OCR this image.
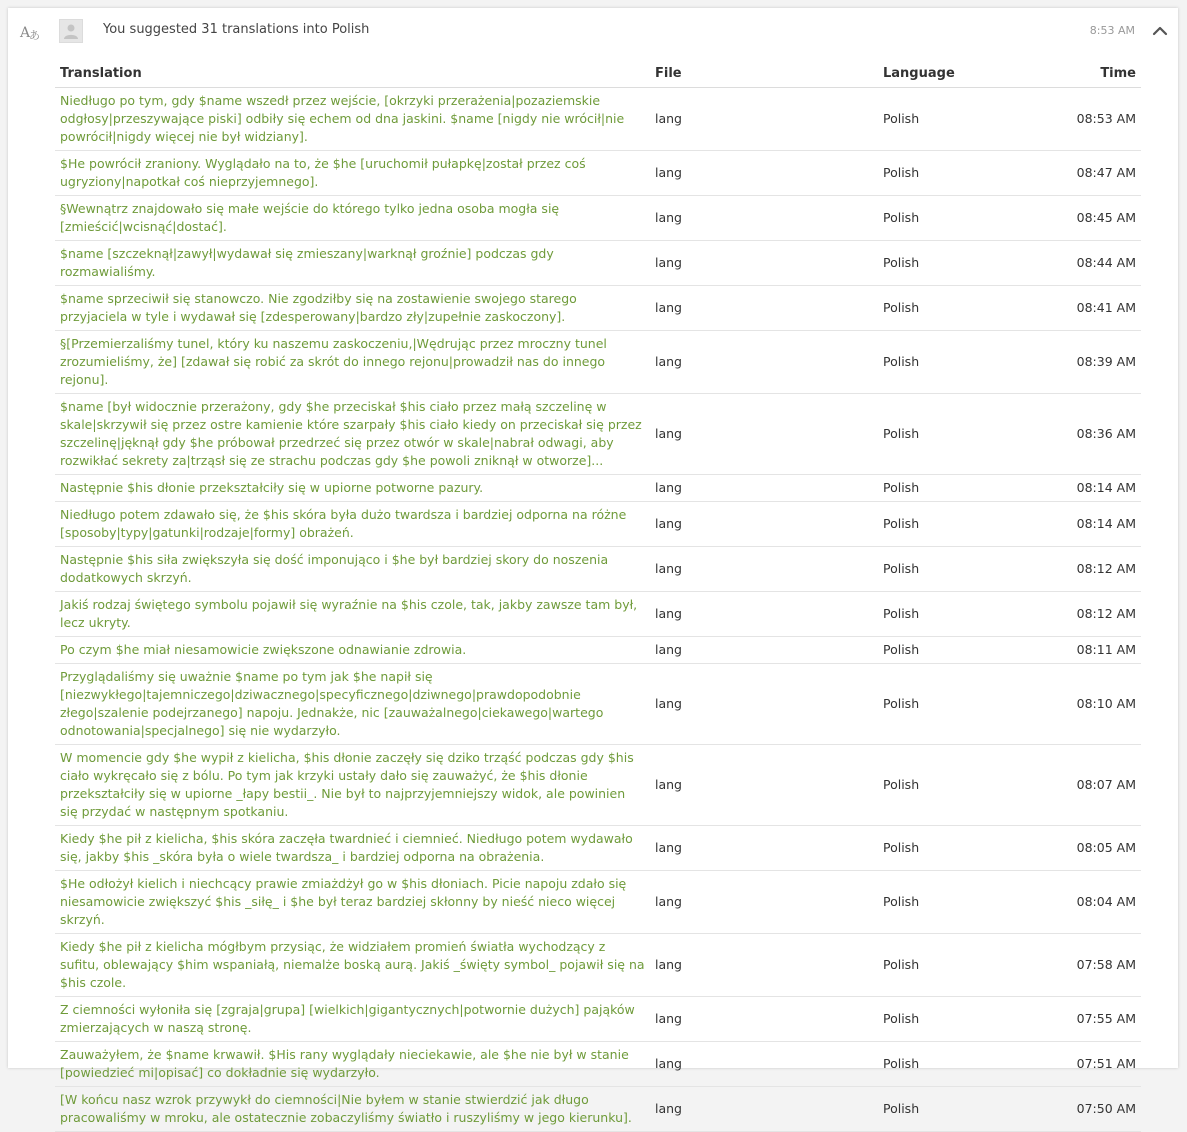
A
あ	You suggested 31 translations into Polish	8:53 AM
Translation	File	Language	Time
Niedługo po tym, gdy $name wszedł przez wejście, [okrzyki przerażenia|pozaziemskie odgłosy|przeszywające piski] odbiły się echem od dna jaskini. $name [nigdy nie wrócił|nie powrócił|nigdy więcej nie był widziany].	lang	Polish	08:53 AM
$He powrócił zraniony. Wyglądało na to, że $he [uruchomił pułapkę|został przez coś ugryziony|napotkał coś nieprzyjemnego].	lang	Polish	08:47 AM
§Wewnątrz znajdowało się małe wejście do którego tylko jedna osoba mogła się [zmieścić|wcisnąć|dostać].	lang	Polish	08:45 AM
$name [szczeknął|zawył|wydawał się zmieszany|warknął groźnie] podczas gdy rozmawialiśmy.	lang	Polish	08:44 AM
$name sprzeciwił się stanowczo. Nie zgodziłby się na zostawienie swojego starego przyjaciela w tyle i wydawał się [zdesperowany|bardzo zły|zupełnie zaskoczony].	lang	Polish	08:41 AM
§[Przemierzaliśmy tunel, który ku naszemu zaskoczeniu,|Wędrując przez mroczny tunel zrozumieliśmy, że] [zdawał się robić za skrót do innego rejonu|prowadził nas do innego rejonu].	lang	Polish	08:39 AM
$name [był widocznie przerażony, gdy $he przeciskał $his ciało przez małą szczelinę w skale|skrzywił się przez ostre kamienie które szarpały $his ciało kiedy on przeciskał się przez szczelinę|jęknął gdy $he próbował przedrzeć się przez otwór w skale|nabrał odwagi, aby rozwikłać sekrety za|trząsł się ze strachu podczas gdy $he powoli zniknął w otworze]...	lang	Polish	08:36 AM
Następnie $his dłonie przekształciły się w upiorne potworne pazury.	lang	Polish	08:14 AM
Niedługo potem zdawało się, że $his skóra była dużo twardsza i bardziej odporna na różne [sposoby|typy|gatunki|rodzaje|formy] obrażeń.	lang	Polish	08:14 AM
Następnie $his siła zwiększyła się dość imponująco i $he był bardziej skory do noszenia dodatkowych skrzyń.	lang	Polish	08:12 AM
Jakiś rodzaj świętego symbolu pojawił się wyraźnie na $his czole, tak, jakby zawsze tam był, lecz ukryty.	lang	Polish	08:12 AM
Po czym $he miał niesamowicie zwiększone odnawianie zdrowia.	lang	Polish	08:11 AM
Przyglądaliśmy się uważnie $name po tym jak $he napił się [niezwykłego|tajemniczego|dziwacznego|specyficznego|dziwnego|prawdopodobnie złego|szalenie podejrzanego] napoju. Jednakże, nic [zauważalnego|ciekawego|wartego odnotowania|specjalnego] się nie wydarzyło.	lang	Polish	08:10 AM
W momencie gdy $he wypił z kielicha, $his dłonie zaczęły się dziko trząść podczas gdy $his ciało wykręcało się z bólu. Po tym jak krzyki ustały dało się zauważyć, że $his dłonie przekształciły się w upiorne _łapy bestii_. Nie był to najprzyjemniejszy widok, ale powinien się przydać w następnym spotkaniu.	lang	Polish	08:07 AM
Kiedy $he pił z kielicha, $his skóra zaczęła twardnieć i ciemnieć. Niedługo potem wydawało się, jakby $his _skóra była o wiele twardsza_ i bardziej odporna na obrażenia.	lang	Polish	08:05 AM
$He odłożył kielich i niechcący prawie zmiażdżył go w $his dłoniach. Picie napoju zdało się niesamowicie zwiększyć $his _siłę_ i $he był teraz bardziej skłonny by nieść nieco więcej skrzyń.	lang	Polish	08:04 AM
Kiedy $he pił z kielicha mógłbym przysiąc, że widziałem promień światła wychodzący z sufitu, oblewający $him wspaniałą, niemalże boską aurą. Jakiś _święty symbol_ pojawił się na $his czole.	lang	Polish	07:58 AM
Z ciemności wyłoniła się [zgraja|grupa] [wielkich|gigantycznych|potwornie dużych] pająków zmierzających w naszą stronę.	lang	Polish	07:55 AM
Zauważyłem, że $name krwawił. $His rany wyglądały nieciekawie, ale $he nie był w stanie [powiedzieć mi|opisać] co dokładnie się wydarzyło.	lang	Polish	07:51 AM
[W końcu nasz wzrok przywykł do ciemności|Nie byłem w stanie stwierdzić jak długo pracowaliśmy w mroku, ale ostatecznie zobaczyliśmy światło i ruszyliśmy w jego kierunku].	lang	Polish	07:50 AM
